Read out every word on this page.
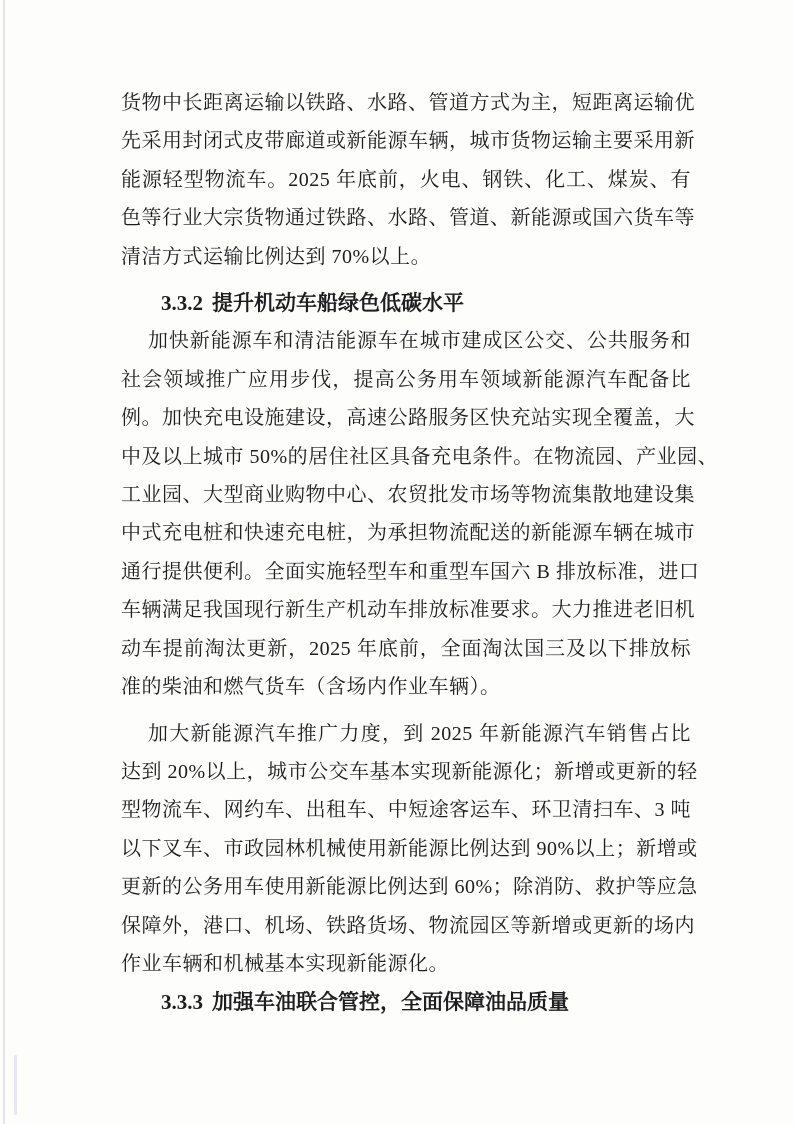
货物中长距离运输以铁路、水路、管道方式为主，短距离运输优
先采用封闭式皮带廊道或新能源车辆，城市货物运输主要采用新
能源轻型物流车。2025 年底前，火电、钢铁、化工、煤炭、有
色等行业大宗货物通过铁路、水路、管道、新能源或国六货车等
清洁方式运输比例达到 70%以上。
3.3.2 提升机动车船绿色低碳水平
加快新能源车和清洁能源车在城市建成区公交、公共服务和
社会领域推广应用步伐，提高公务用车领域新能源汽车配备比
例。加快充电设施建设，高速公路服务区快充站实现全覆盖，大
中及以上城市 50%的居住社区具备充电条件。在物流园、产业园、
工业园、大型商业购物中心、农贸批发市场等物流集散地建设集
中式充电桩和快速充电桩，为承担物流配送的新能源车辆在城市
通行提供便利。全面实施轻型车和重型车国六 B 排放标准，进口
车辆满足我国现行新生产机动车排放标准要求。大力推进老旧机
动车提前淘汰更新，2025 年底前，全面淘汰国三及以下排放标
准的柴油和燃气货车（含场内作业车辆）。
加大新能源汽车推广力度，到 2025 年新能源汽车销售占比
达到 20%以上，城市公交车基本实现新能源化；新增或更新的轻
型物流车、网约车、出租车、中短途客运车、环卫清扫车、3 吨
以下叉车、市政园林机械使用新能源比例达到 90%以上；新增或
更新的公务用车使用新能源比例达到 60%；除消防、救护等应急
保障外，港口、机场、铁路货场、物流园区等新增或更新的场内
作业车辆和机械基本实现新能源化。
3.3.3 加强车油联合管控，全面保障油品质量
